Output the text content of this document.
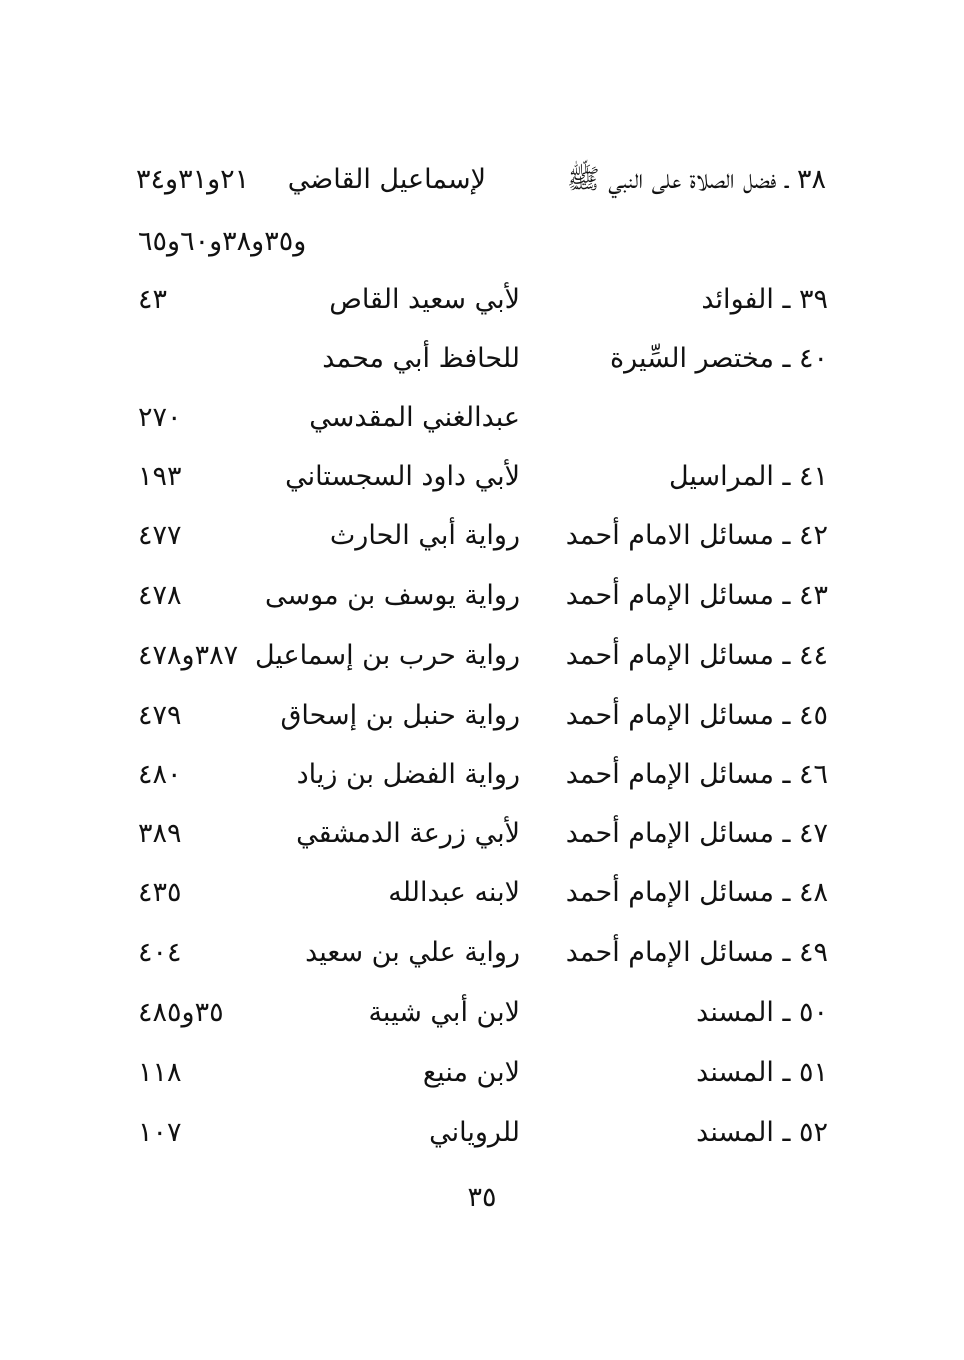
٣٨ ـ فضل الصلاة على النبي ﷺ
لإسماعيل القاضي
٢١و٣١و٣٤
و٣٥و٣٨و٦٠و٦٥
٣٩ ـ الفوائد
لأبي سعيد القاص
٤٣
٤٠ ـ مختصر السِّيرة
للحافظ أبي محمد
عبدالغني المقدسي
٢٧٠
٤١ ـ المراسيل
لأبي داود السجستاني
١٩٣
٤٢ ـ مسائل الامام أحمد
رواية أبي الحارث
٤٧٧
٤٣ ـ مسائل الإمام أحمد
رواية يوسف بن موسى
٤٧٨
٤٤ ـ مسائل الإمام أحمد
رواية حرب بن إسماعيل
٣٨٧و٤٧٨
٤٥ ـ مسائل الإمام أحمد
رواية حنبل بن إسحاق
٤٧٩
٤٦ ـ مسائل الإمام أحمد
رواية الفضل بن زياد
٤٨٠
٤٧ ـ مسائل الإمام أحمد
لأبي زرعة الدمشقي
٣٨٩
٤٨ ـ مسائل الإمام أحمد
لابنه عبدالله
٤٣٥
٤٩ ـ مسائل الإمام أحمد
رواية علي بن سعيد
٤٠٤
٥٠ ـ المسند
لابن أبي شيبة
٣٥و٤٨٥
٥١ ـ المسند
لابن منيع
١١٨
٥٢ ـ المسند
للروياني
١٠٧
٣٥
